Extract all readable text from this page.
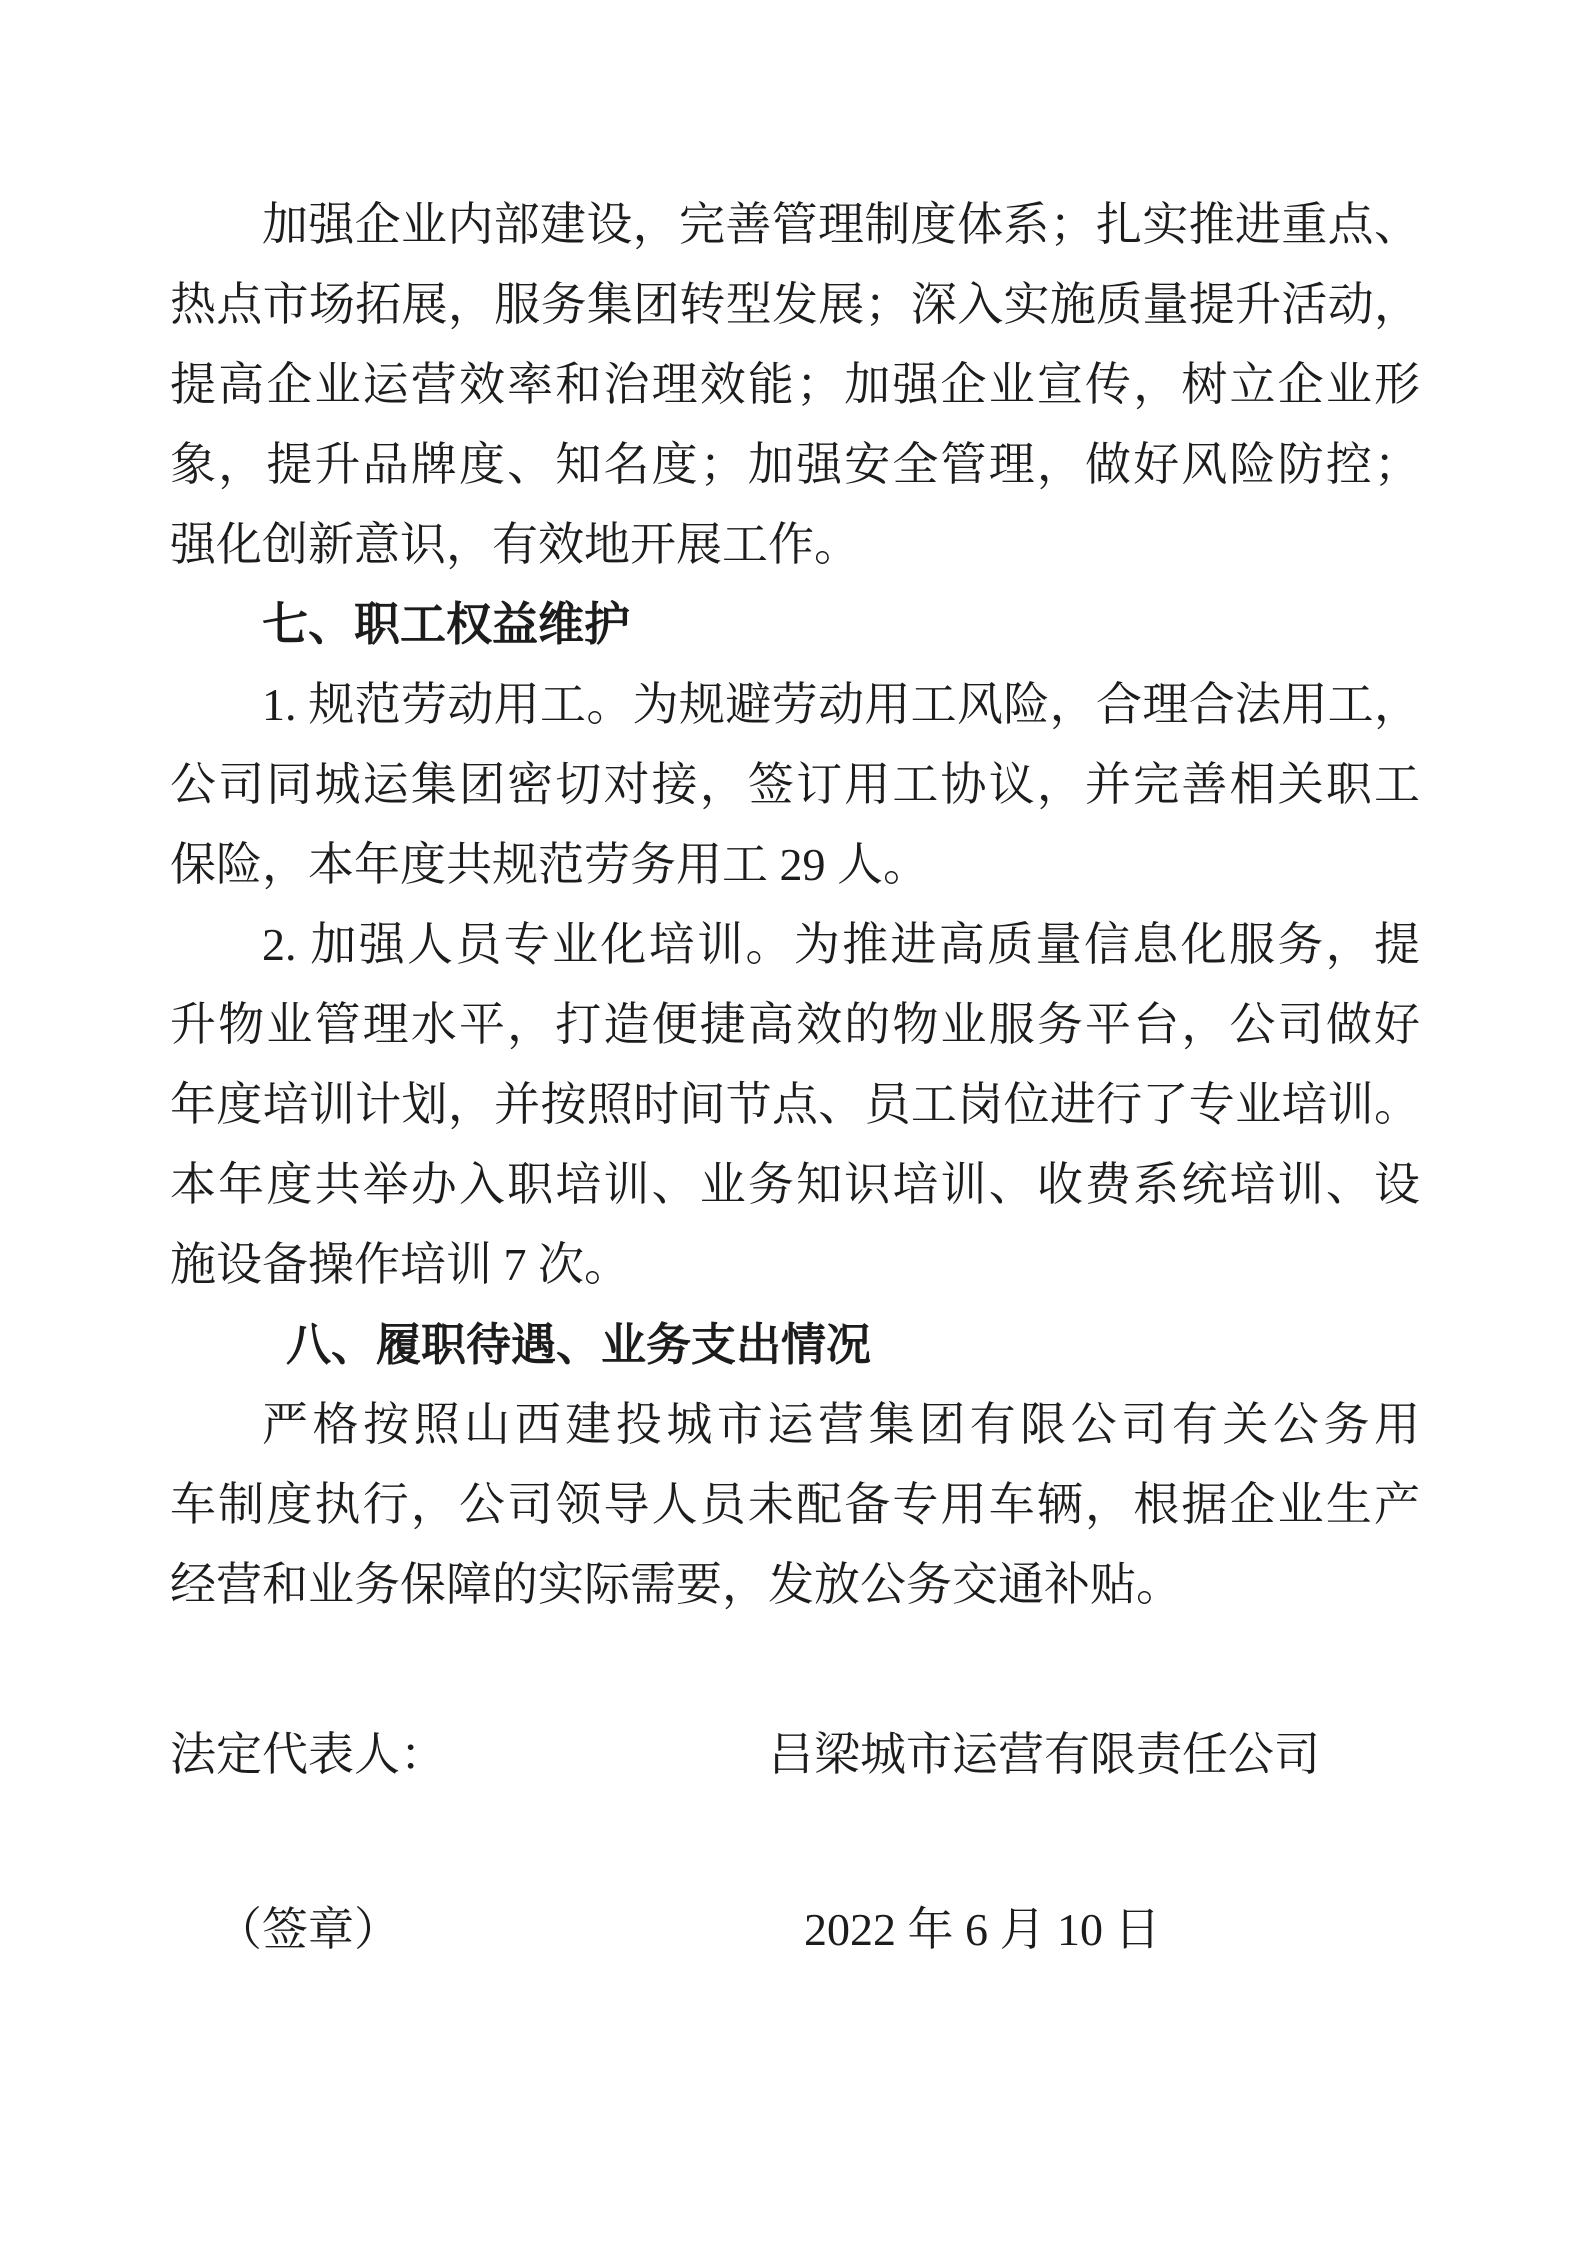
加强企业内部建设，完善管理制度体系；扎实推进重点、
热点市场拓展，服务集团转型发展；深入实施质量提升活动，
提高企业运营效率和治理效能；加强企业宣传，树立企业形
象，提升品牌度、知名度；加强安全管理，做好风险防控；
强化创新意识，有效地开展工作。
七、职工权益维护
1. 规范劳动用工。为规避劳动用工风险，合理合法用工，
公司同城运集团密切对接，签订用工协议，并完善相关职工
保险，本年度共规范劳务用工 29 人。
2. 加强人员专业化培训。为推进高质量信息化服务，提
升物业管理水平，打造便捷高效的物业服务平台，公司做好
年度培训计划，并按照时间节点、员工岗位进行了专业培训。
本年度共举办入职培训、业务知识培训、收费系统培训、设
施设备操作培训 7 次。
八、履职待遇、业务支出情况
严格按照山西建投城市运营集团有限公司有关公务用
车制度执行，公司领导人员未配备专用车辆，根据企业生产
经营和业务保障的实际需要，发放公务交通补贴。
法定代表人：	吕梁城市运营有限责任公司
（签章）	2022 年 6 月 10 日
